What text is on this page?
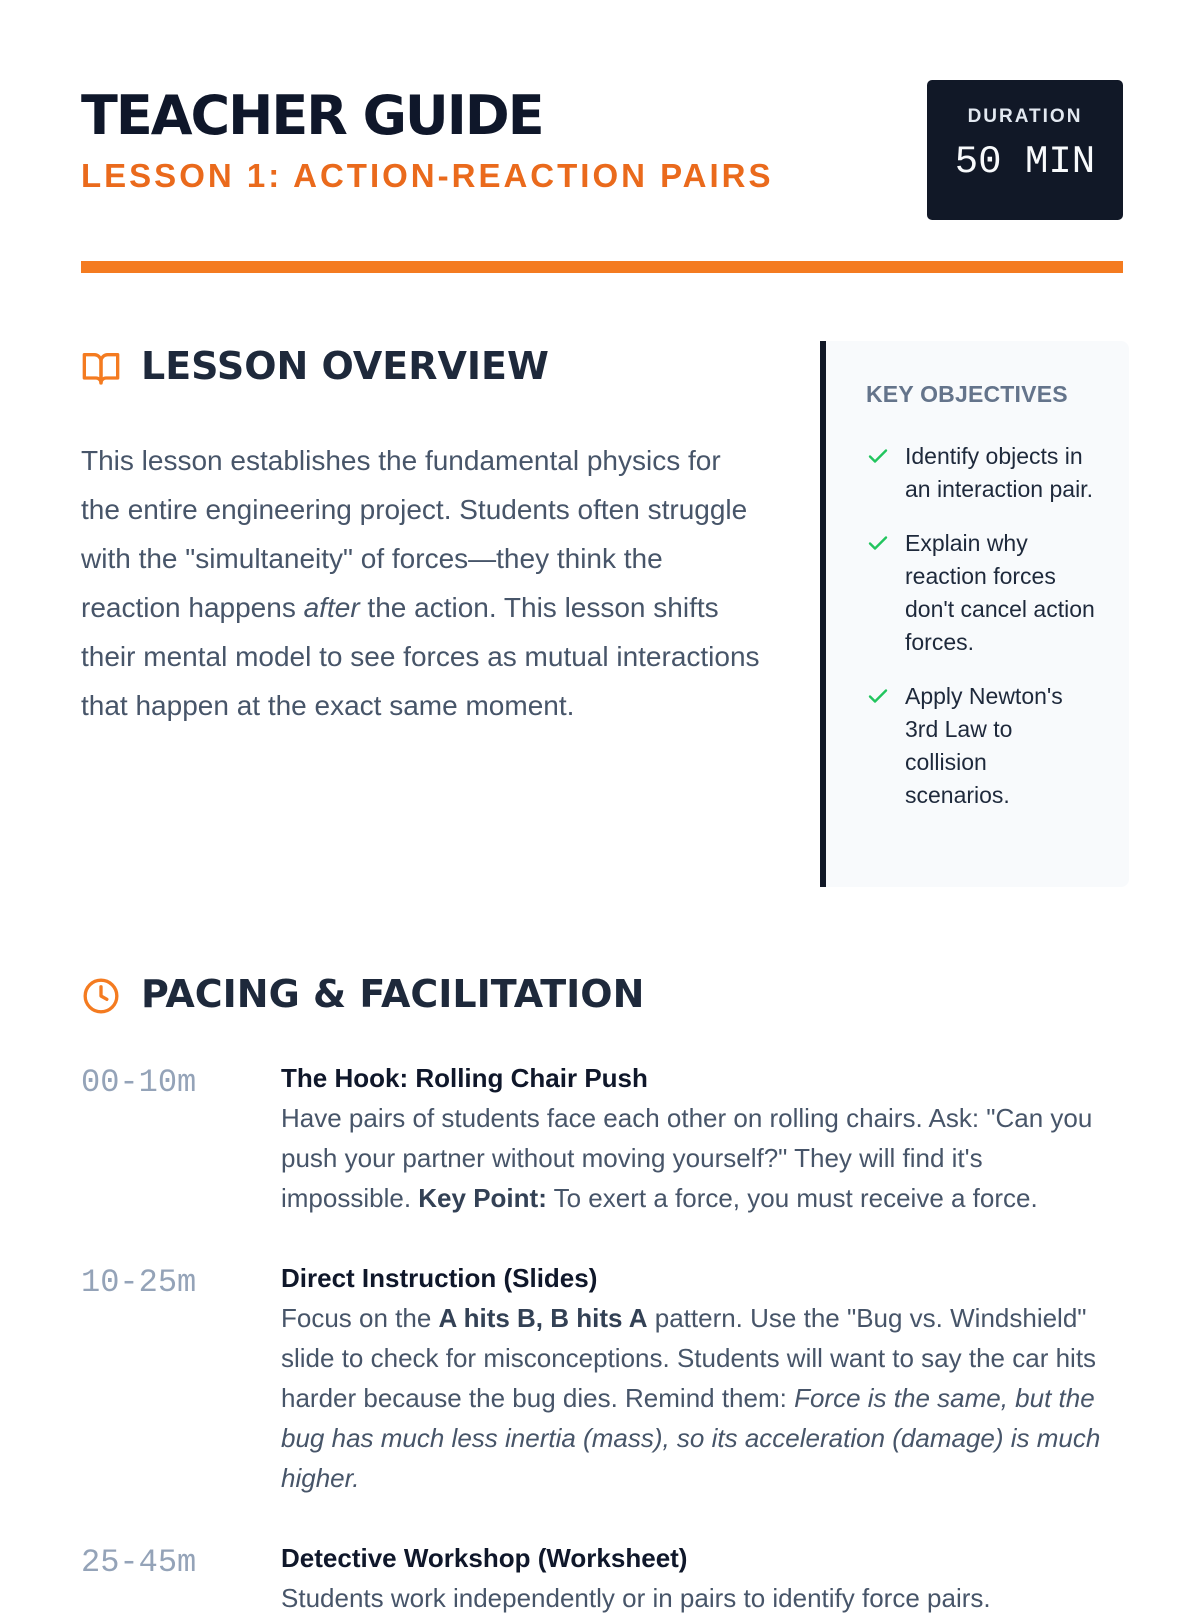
TEACHER GUIDE
LESSON 1: ACTION-REACTION PAIRS
DURATION
50 MIN
LESSON OVERVIEW
This lesson establishes the fundamental physics for the entire engineering project. Students often struggle with the "simultaneity" of forces—they think the reaction happens after the action. This lesson shifts their mental model to see forces as mutual interactions that happen at the exact same moment.
KEY OBJECTIVES
Identify objects in an interaction pair.
Explain why reaction forces don't cancel action forces.
Apply Newton's 3rd Law to collision scenarios.
PACING & FACILITATION
00-10m	The Hook: Rolling Chair Push
Have pairs of students face each other on rolling chairs. Ask: "Can you push your partner without moving yourself?" They will find it's impossible. Key Point: To exert a force, you must receive a force.
10-25m	Direct Instruction (Slides)
Focus on the A hits B, B hits A pattern. Use the "Bug vs. Windshield" slide to check for misconceptions. Students will want to say the car hits harder because the bug dies. Remind them: Force is the same, but the bug has much less inertia (mass), so its acceleration (damage) is much higher.
25-45m	Detective Workshop (Worksheet)
Students work independently or in pairs to identify force pairs.
